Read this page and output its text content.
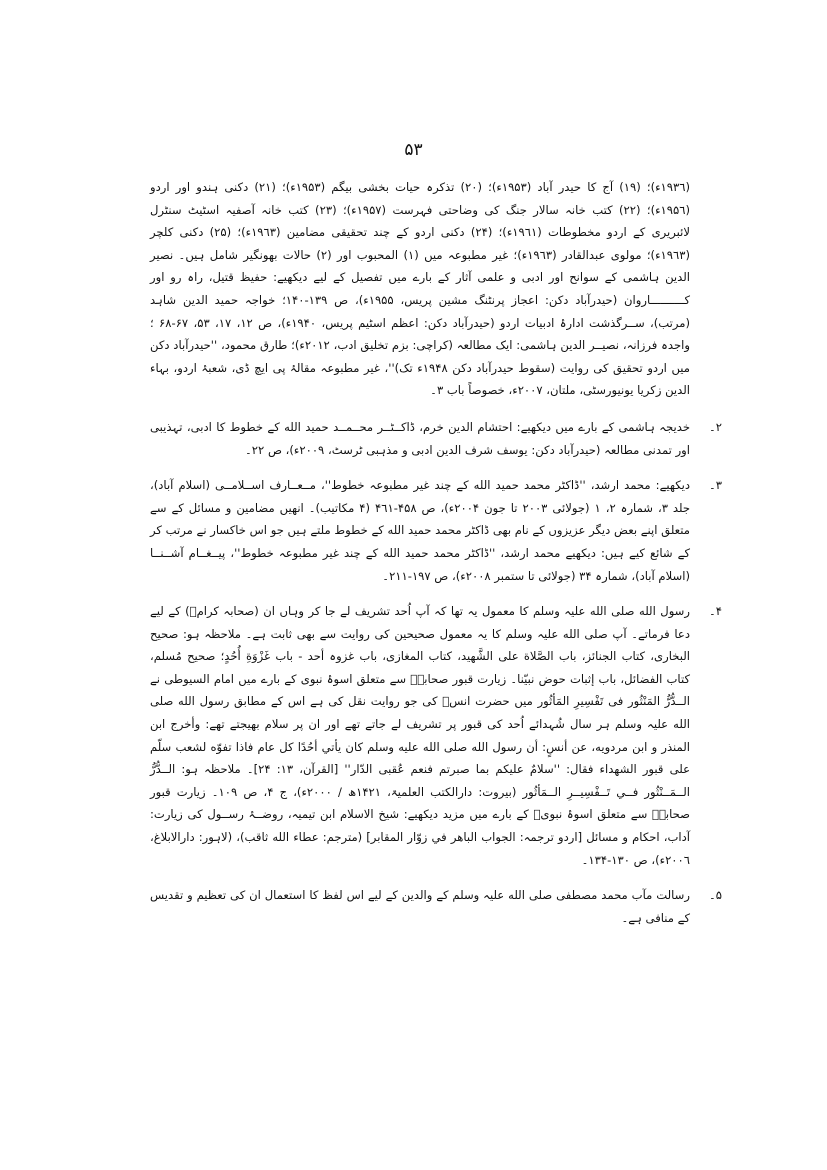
۵۳

(۱۹۳٦ء)؛ (۱۹) آج کا حیدر آباد (۱۹۵۳ء)؛ (۲۰) تذکرہ حیات بخشی بیگم (۱۹۵۳ء)؛ (۲۱) دکنی ہندو اور اردو (۱۹۵٦ء)؛ (۲۲) کتب خانہ سالار جنگ کی وضاحتی فہرست (۱۹۵۷ء)؛ (۲۳) کتب خانہ آصفیہ اسٹیٹ سنٹرل لائبریری کے اردو مخطوطات (۱۹٦۱ء)؛ (۲۴) دکنی اردو کے چند تحقیقی مضامین (۱۹٦۳ء)؛ (۲۵) دکنی کلچر (۱۹٦۳ء)؛ مولوی عبدالقادر (۱۹٦۳ء)؛ غیر مطبوعہ میں (۱) المحبوب اور (۲) حالات بھونگیر شامل ہیں۔ نصیر الدین ہاشمی کے سوانح اور ادبی و علمی آثار کے بارے میں تفصیل کے لیے دیکھیے: حفیظ قتیل، راہ رو اور کــــــــــاروان (حیدرآباد دکن: اعجاز پرنٹنگ مشین پریس، ۱۹۵۵ء)، ص ۱۳۹-۱۴۰؛ خواجہ حمید الدین شاہد (مرتب)، ســرگذشت ادارۂ ادبیات اردو (حیدرآباد دکن: اعظم اسٹیم پریس، ۱۹۴۰ء)، ص ۱۲، ۱۷، ۵۳، ۶۷-۶۸ ؛ واجدہ فرزانہ، نصیــر الدین ہاشمی: ایک مطالعہ (کراچی: بزم تخلیق ادب، ۲۰۱۲ء)؛ طارق محمود، ''حیدرآباد دکن میں اردو تحقیق کی روایت (سقوط حیدرآباد دکن ۱۹۴۸ء تک)''، غیر مطبوعہ مقالۂ پی ایچ ڈی، شعبۂ اردو، بہاء الدین زکریا یونیورسٹی، ملتان، ۲۰۰۷ء، خصوصاً باب ۳۔

۲۔
خدیجہ ہاشمی کے بارے میں دیکھیے: احتشام الدین خرم، ڈاکــٹــر محــمــد حمید الله کے خطوط کا ادبی، تہذیبی اور تمدنی مطالعہ (حیدرآباد دکن: یوسف شرف الدین ادبی و مذہبی ٹرسٹ، ۲۰۰۹ء)، ص ۲۲۔
۳۔
دیکھیے: محمد ارشد، ''ڈاکٹر محمد حمید الله کے چند غیر مطبوعہ خطوط''، مــعــارف اســلامــی (اسلام آباد)، جلد ۳، شمارہ ۲، ۱ (جولائی ۲۰۰۳ تا جون ۲۰۰۴ء)، ص ۴۵۸-۴٦۱ (۴ مکاتیب)۔ انھیں مضامین و مسائل کے سے متعلق اپنے بعض دیگر عزیزوں کے نام بھی ڈاکٹر محمد حمید الله کے خطوط ملتے ہیں جو اس خاکسار نے مرتب کر کے شائع کیے ہیں: دیکھیے محمد ارشد، ''ڈاکٹر محمد حمید الله کے چند غیر مطبوعہ خطوط''، پیــغــام آشــنــا (اسلام آباد)، شمارہ ۳۴ (جولائی تا ستمبر ۲۰۰۸ء)، ص ۱۹۷-۲۱۱۔
۴۔
رسول الله صلی الله علیہ وسلم کا معمول یہ تھا کہ آپ اُحد تشریف لے جا کر وہاں ان (صحابہ کرامؓ) کے لیے دعا فرماتے۔ آپ صلی الله علیہ وسلم کا یہ معمول صحیحین کی روایت سے بھی ثابت ہے۔ ملاحظہ ہو: صحیح البخاری، کتاب الجنائز، باب الصَّلاة على الشَّهيد، کتاب المغازی، باب غزوہ أحد - باب غَزْوَةِ أُحُدٍ؛ صحیح مُسلم، کتاب الفضائل، باب إثبات حوض نبيّنا۔ زیارت قبور صحابہؓ سے متعلق اسوۂ نبوی کے بارے میں امام السیوطی نے الــدُّرُّ المَنْثُور فی تَفْسِيرِ المَأثُور میں حضرت انسؓ کی جو روایت نقل کی ہے اس کے مطابق رسول الله صلی الله علیہ وسلم ہر سال شُہدائے اُحد کی قبور پر تشریف لے جاتے تھے اور ان پر سلام بھیجتے تھے: وأخرج ابن المنذر و ابن مردويه، عن أنسٍ: أن رسول الله صلى الله عليه وسلم كان يأتي أحُدًا كل عام فاذا تفوّه لشعب سلّم على قبور الشهداء فقال: ''سلامٌ عليكم بما صبرتم فنعم عُقبى الدّار'' [القرآن، ۱۳: ۲۴]۔ ملاحظہ ہو: الــدُّرُّ الــمَــنْثُور فــي تَــفْسِيــرِ الــمَأثُور (بیروت: دارالکتب العلمیۃ، ۱۴۲۱ھ / ۲۰۰۰ء)، ج ۴، ص ۱۰۹۔ زیارت قبور صحابہؓ سے متعلق اسوۂ نبویؐ کے بارے میں مزید دیکھیے: شیخ الاسلام ابن تیمیہ، روضــۂ رســول کی زیارت: آداب، احکام و مسائل [اردو ترجمہ: الجواب الباهر في زوّار المقابر] (مترجم: عطاء الله ثاقب)، (لاہور: دارالابلاغ، ۲۰۰٦ء)، ص ۱۳۰-۱۳۴۔
۵۔
رسالت مآب محمد مصطفی صلی الله علیہ وسلم کے والدین کے لیے اس لفظ کا استعمال ان کی تعظیم و تقدیس کے منافی ہے۔
